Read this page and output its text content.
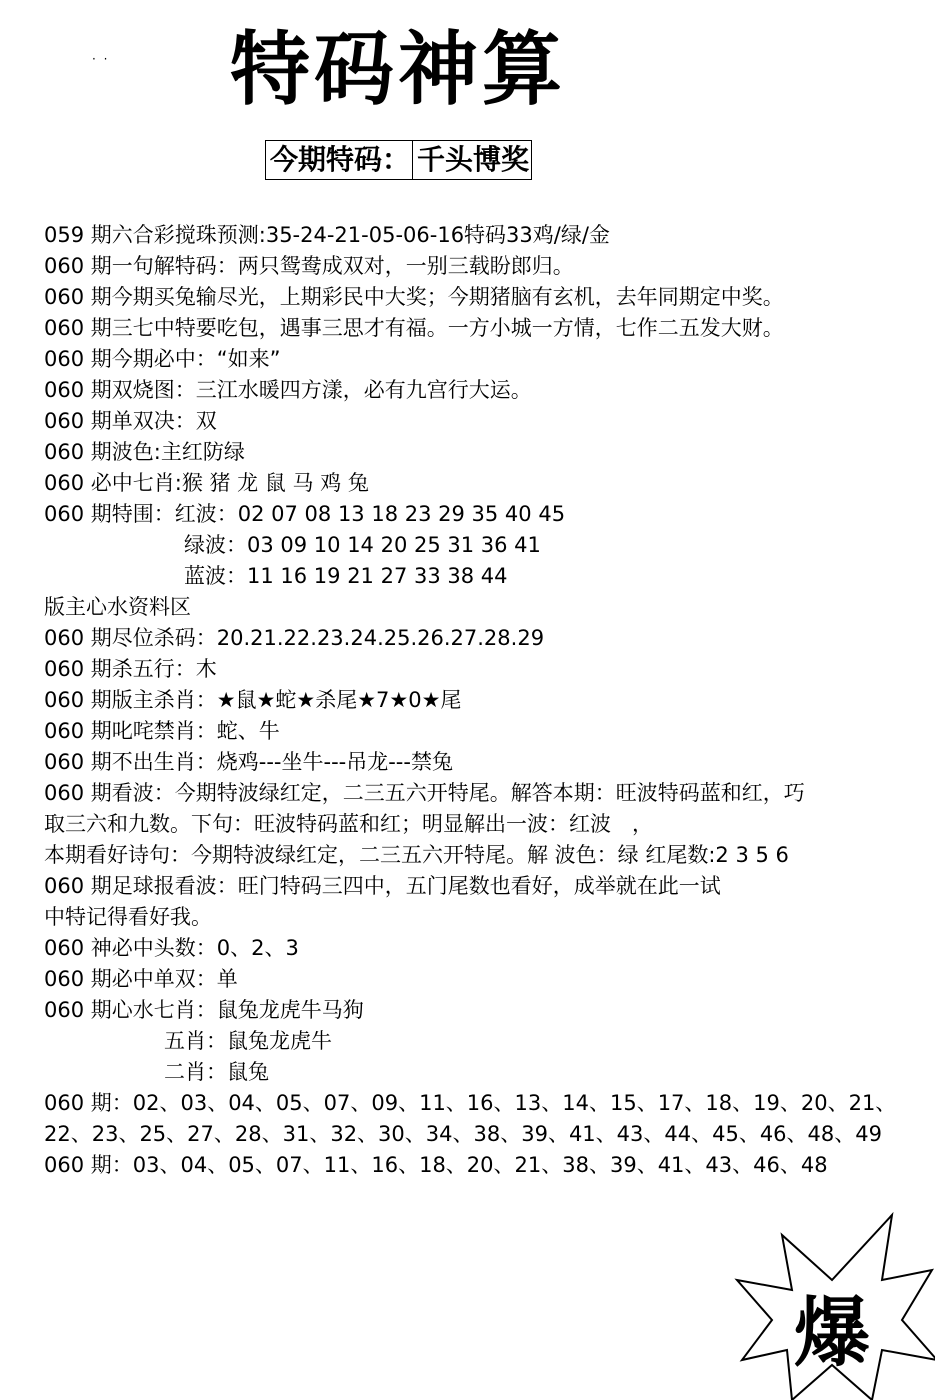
· · 特码神算
今期特码： 千头博奖
059 期六合彩搅珠预测:35-24-21-05-06-16特码33鸡/绿/金
060 期一句解特码：两只鸳鸯成双对，一别三载盼郎归。
060 期今期买兔输尽光，上期彩民中大奖；今期猪脑有玄机，去年同期定中奖。
060 期三七中特要吃包，遇事三思才有福。一方小城一方情，七作二五发大财。
060 期今期必中：“如来”
060 期双烧图：三江水暖四方漾，必有九宫行大运。
060 期单双决：双
060 期波色:主红防绿
060 必中七肖:猴 猪 龙 鼠 马 鸡 兔
060 期特围：红波：02 07 08 13 18 23 29 35 40 45
绿波：03 09 10 14 20 25 31 36 41
蓝波：11 16 19 21 27 33 38 44
版主心水资料区
060 期尽位杀码：20.21.22.23.24.25.26.27.28.29
060 期杀五行：木
060 期版主杀肖：★鼠★蛇★杀尾★7★0★尾
060 期叱咤禁肖：蛇、牛
060 期不出生肖：烧鸡---坐牛---吊龙---禁兔
060 期看波：今期特波绿红定，二三五六开特尾。解答本期：旺波特码蓝和红，巧
取三六和九数。下句：旺波特码蓝和红；明显解出一波：红波　，
本期看好诗句：今期特波绿红定，二三五六开特尾。解 波色：绿 红尾数:2 3 5 6
060 期足球报看波：旺门特码三四中，五门尾数也看好，成举就在此一试
中特记得看好我。
060 神必中头数：0、2、3
060 期必中单双：单
060 期心水七肖：鼠兔龙虎牛马狗
五肖：鼠兔龙虎牛
二肖：鼠兔
060 期：02、03、04、05、07、09、11、16、13、14、15、17、18、19、20、21、
22、23、25、27、28、31、32、30、34、38、39、41、43、44、45、46、48、49
060 期：03、04、05、07、11、16、18、20、21、38、39、41、43、46、48
爆
